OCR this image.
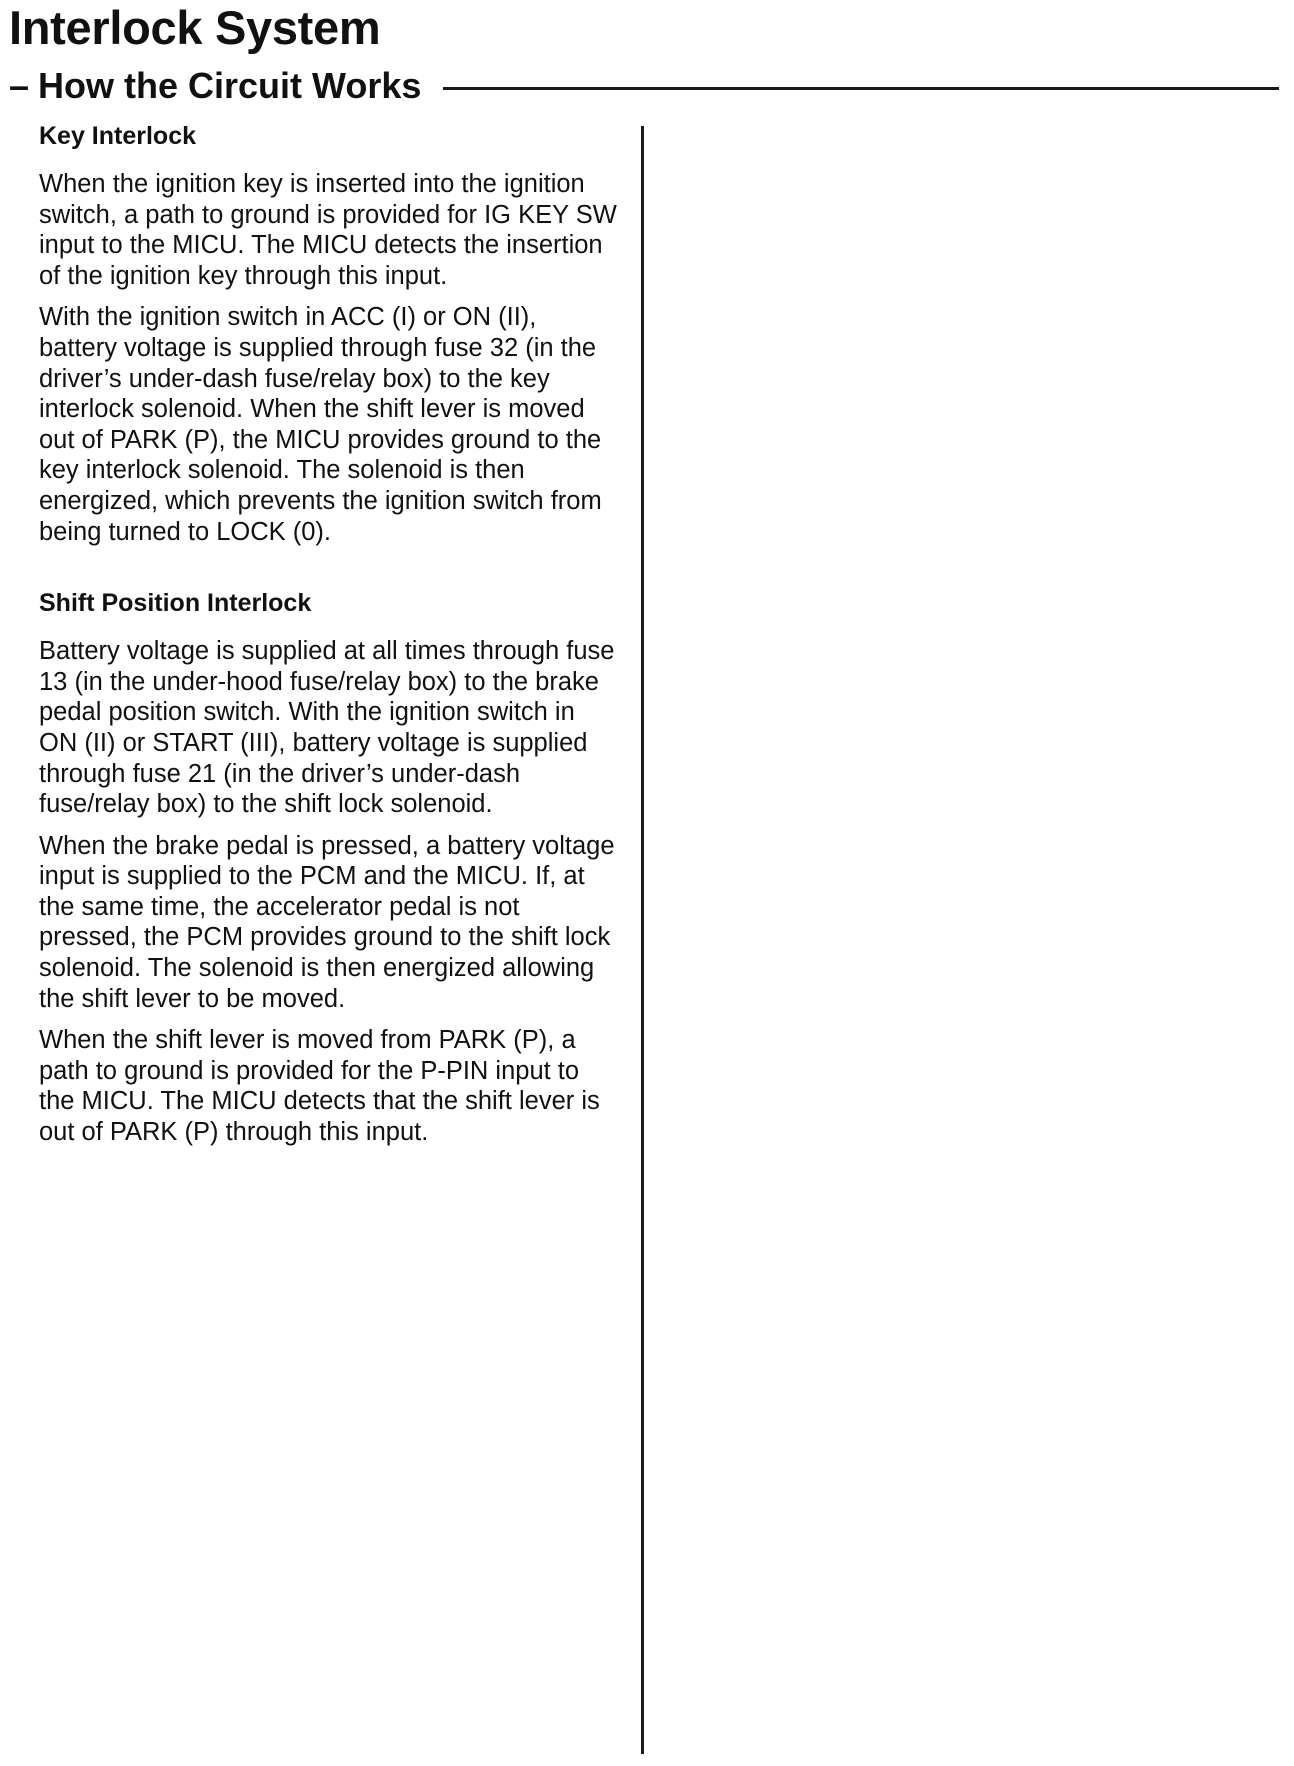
Interlock System
– How the Circuit Works
Key Interlock

When the ignition key is inserted into the ignition switch, a path to ground is provided for IG KEY SW input to the MICU. The MICU detects the insertion of the ignition key through this input.

With the ignition switch in ACC (I) or ON (II), battery voltage is supplied through fuse 32 (in the driver’s under-dash fuse/relay box) to the key interlock solenoid. When the shift lever is moved out of PARK (P), the MICU provides ground to the key interlock solenoid. The solenoid is then energized, which prevents the ignition switch from being turned to LOCK (0).

Shift Position Interlock

Battery voltage is supplied at all times through fuse 13 (in the under-hood fuse/relay box) to the brake pedal position switch. With the ignition switch in ON (II) or START (III), battery voltage is supplied through fuse 21 (in the driver’s under-dash fuse/relay box) to the shift lock solenoid.

When the brake pedal is pressed, a battery voltage input is supplied to the PCM and the MICU. If, at the same time, the accelerator pedal is not pressed, the PCM provides ground to the shift lock solenoid. The solenoid is then energized allowing the shift lever to be moved.

When the shift lever is moved from PARK (P), a path to ground is provided for the P-PIN input to the MICU. The MICU detects that the shift lever is out of PARK (P) through this input.
